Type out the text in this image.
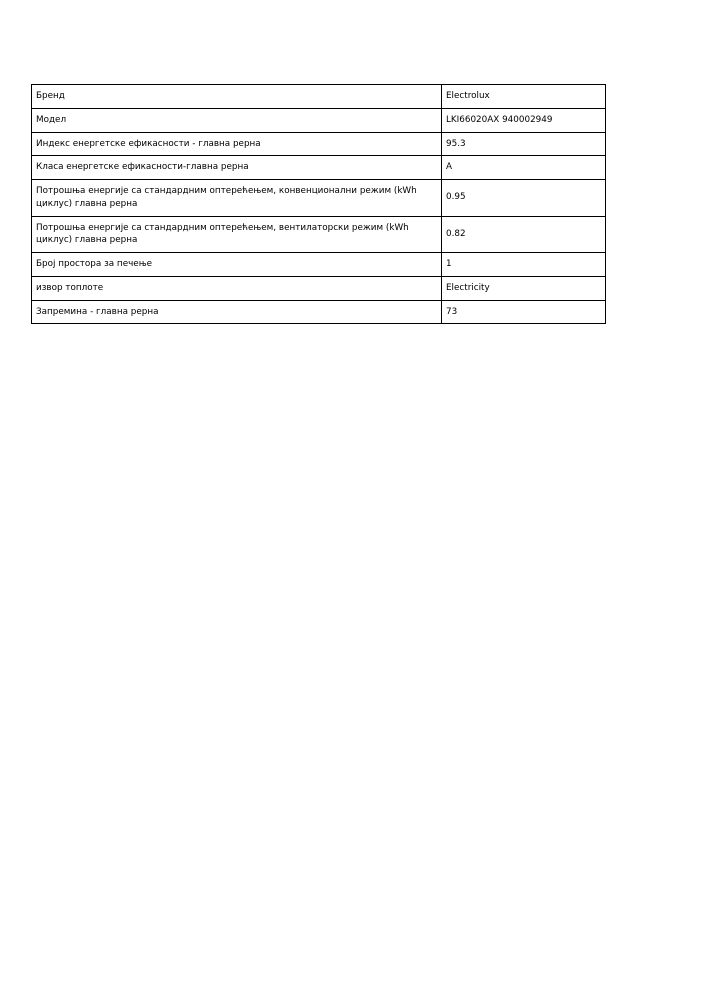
Бренд	Electrolux
Модел	LKI66020AX 940002949
Индекс енергетске ефикасности - главна рерна	95.3
Класа енергетске ефикасности-главна рерна	A
Потрошња енергије са стандардним оптерећењем, конвенционални режим (kWh циклус) главна рерна	0.95
Потрошња енергије са стандардним оптерећењем, вентилаторски режим (kWh циклус) главна рерна	0.82
Број простора за печење	1
извор топлоте	Electricity
Запремина - главна рерна	73
